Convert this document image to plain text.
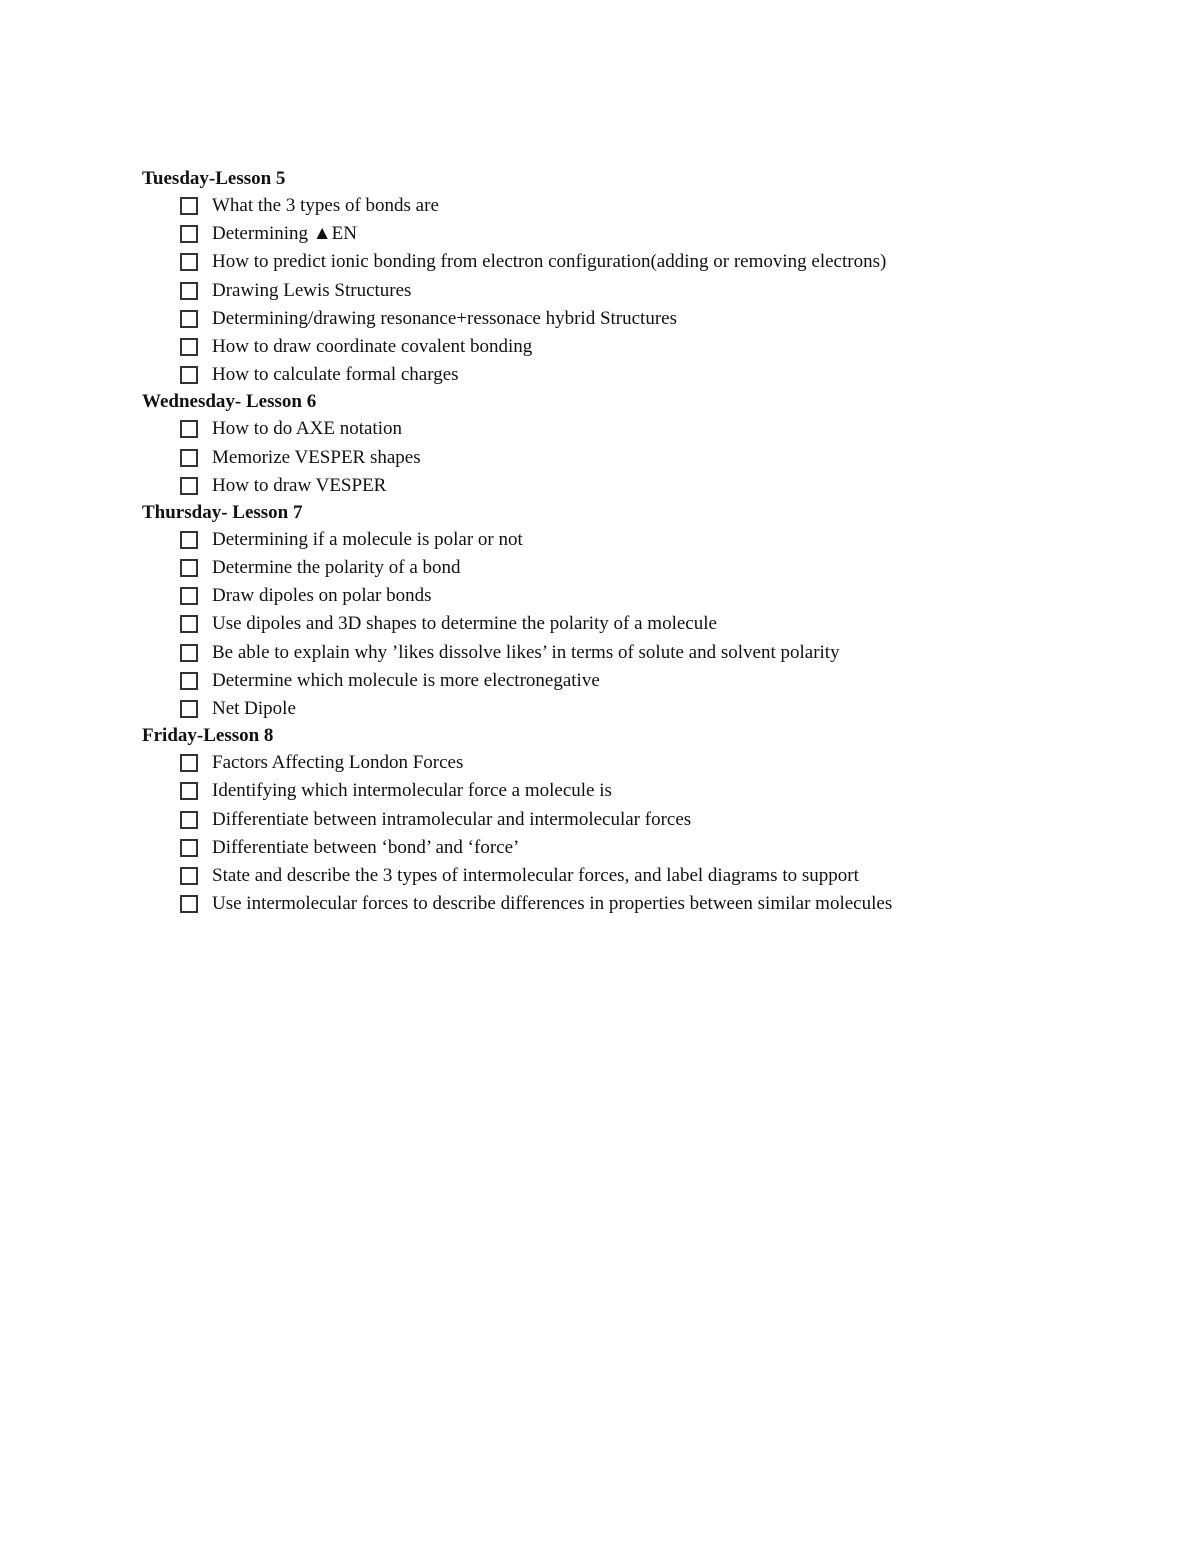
Tuesday-Lesson 5
What the 3 types of bonds are
Determining ▲EN
How to predict ionic bonding from electron configuration(adding or removing electrons)
Drawing Lewis Structures
Determining/drawing resonance+ressonace hybrid Structures
How to draw coordinate covalent bonding
How to calculate formal charges
Wednesday- Lesson 6
How to do AXE notation
Memorize VESPER shapes
How to draw VESPER
Thursday- Lesson 7
Determining if a molecule is polar or not
Determine the polarity of a bond
Draw dipoles on polar bonds
Use dipoles and 3D shapes to determine the polarity of a molecule
Be able to explain why ’likes dissolve likes’ in terms of solute and solvent polarity
Determine which molecule is more electronegative
Net Dipole
Friday-Lesson 8
Factors Affecting London Forces
Identifying which intermolecular force a molecule is
Differentiate between intramolecular and intermolecular forces
Differentiate between ‘bond’ and ‘force’
State and describe the 3 types of intermolecular forces, and label diagrams to support
Use intermolecular forces to describe differences in properties between similar molecules
